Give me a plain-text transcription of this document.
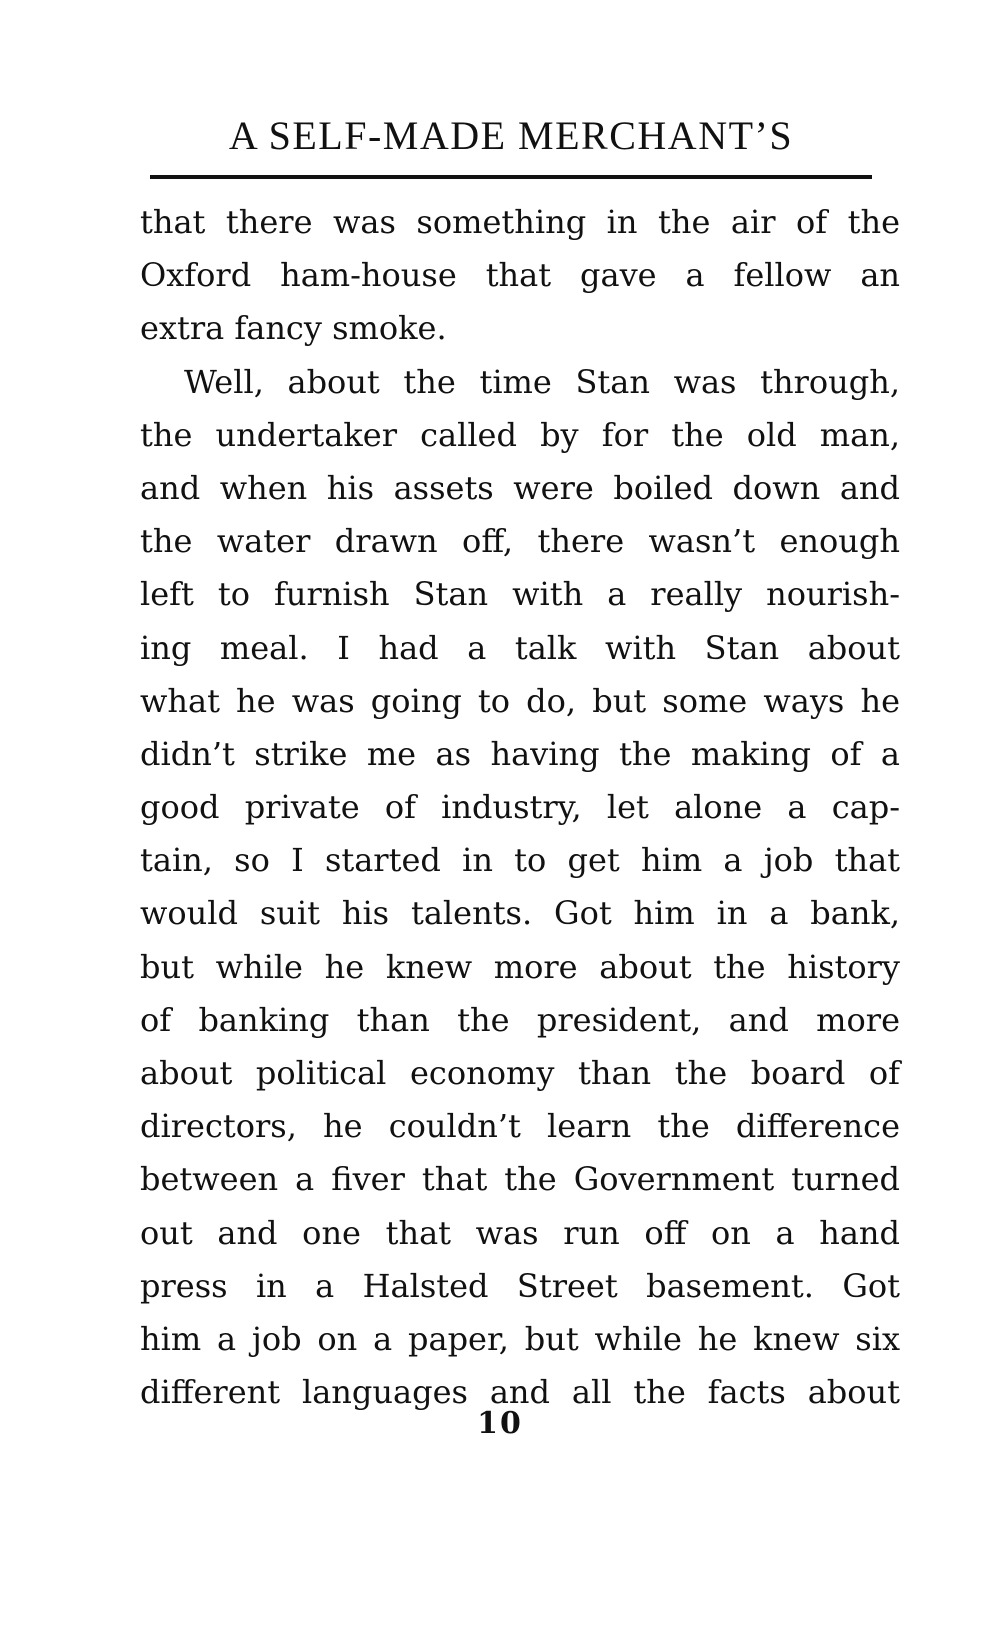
A SELF-MADE MERCHANT’S
that there was something in the air of the
Oxford ham-house that gave a fellow an
extra fancy smoke.
Well, about the time Stan was through,
the undertaker called by for the old man,
and when his assets were boiled down and
the water drawn off, there wasn’t enough
left to furnish Stan with a really nourish-
ing meal. I had a talk with Stan about
what he was going to do, but some ways he
didn’t strike me as having the making of a
good private of industry, let alone a cap-
tain, so I started in to get him a job that
would suit his talents. Got him in a bank,
but while he knew more about the history
of banking than the president, and more
about political economy than the board of
directors, he couldn’t learn the difference
between a fiver that the Government turned
out and one that was run off on a hand
press in a Halsted Street basement. Got
him a job on a paper, but while he knew six
different languages and all the facts about
10
